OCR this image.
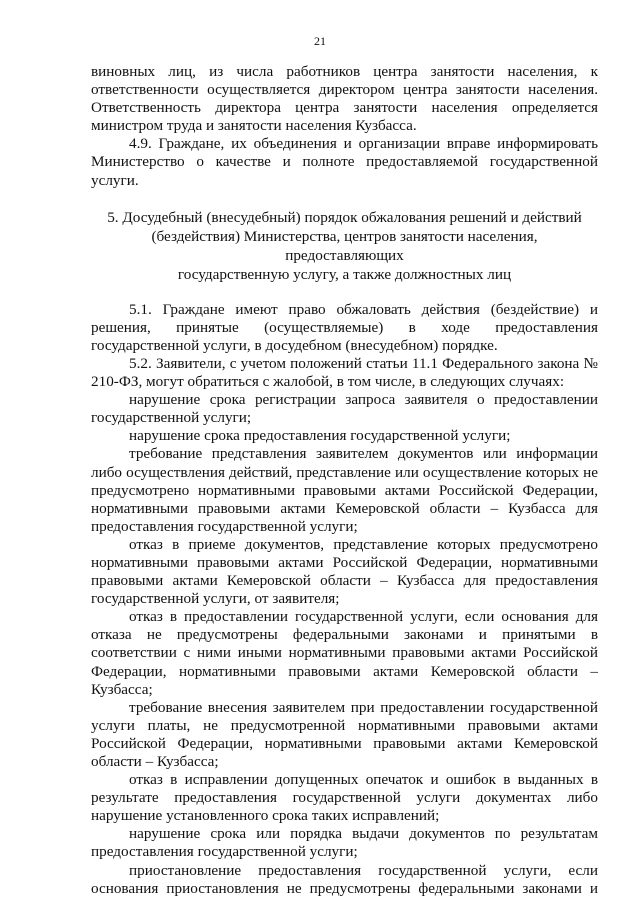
21

виновных лиц, из числа работников центра занятости населения, к ответственности осуществляется директором центра занятости населения. Ответственность директора центра занятости населения определяется министром труда и занятости населения Кузбасса.

4.9. Граждане, их объединения и организации вправе информировать Министерство о качестве и полноте предоставляемой государственной услуги.

5. Досудебный (внесудебный) порядок обжалования решений и действий
(бездействия) Министерства, центров занятости населения, предоставляющих
государственную услугу, а также должностных лиц

5.1. Граждане имеют право обжаловать действия (бездействие) и решения, принятые (осуществляемые) в ходе предоставления государственной услуги, в досудебном (внесудебном) порядке.

5.2. Заявители, с учетом положений статьи 11.1 Федерального закона № 210-ФЗ, могут обратиться с жалобой, в том числе, в следующих случаях:

нарушение срока регистрации запроса заявителя о предоставлении государственной услуги;

нарушение срока предоставления государственной услуги;

требование представления заявителем документов или информации либо осуществления действий, представление или осуществление которых не предусмотрено нормативными правовыми актами Российской Федерации, нормативными правовыми актами Кемеровской области – Кузбасса для предоставления государственной услуги;

отказ в приеме документов, представление которых предусмотрено нормативными правовыми актами Российской Федерации, нормативными правовыми актами Кемеровской области – Кузбасса для предоставления государственной услуги, от заявителя;

отказ в предоставлении государственной услуги, если основания для отказа не предусмотрены федеральными законами и принятыми в соответствии с ними иными нормативными правовыми актами Российской Федерации, нормативными правовыми актами Кемеровской области – Кузбасса;

требование внесения заявителем при предоставлении государственной услуги платы, не предусмотренной нормативными правовыми актами Российской Федерации, нормативными правовыми актами Кемеровской области – Кузбасса;

отказ в исправлении допущенных опечаток и ошибок в выданных в результате предоставления государственной услуги документах либо нарушение установленного срока таких исправлений;

нарушение срока или порядка выдачи документов по результатам предоставления государственной услуги;

приостановление предоставления государственной услуги, если основания приостановления не предусмотрены федеральными законами и
